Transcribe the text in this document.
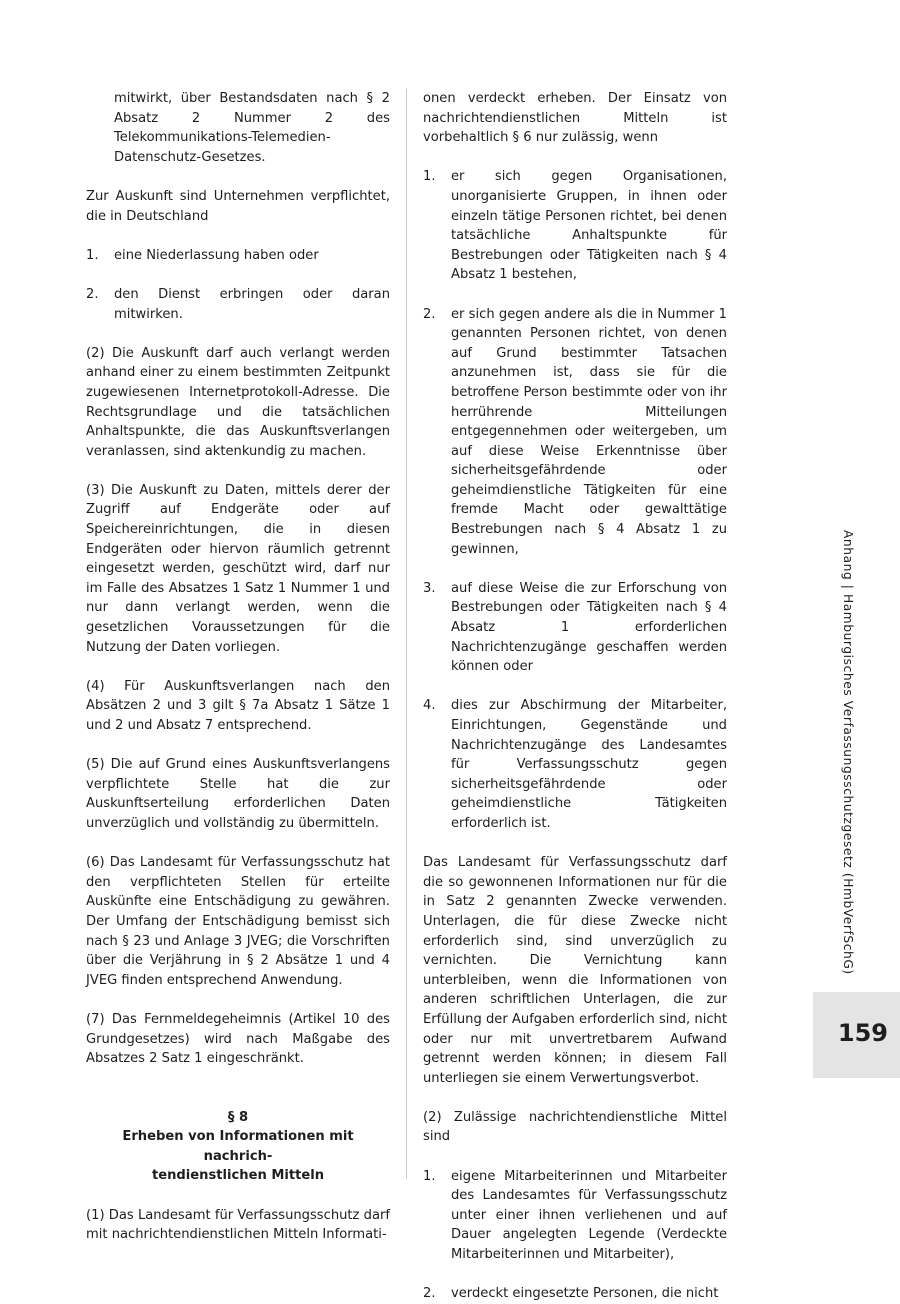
mitwirkt, über Bestandsdaten nach § 2 Absatz 2 Nummer 2 des Telekommunikations-Telemedien-Datenschutz-Gesetzes.

Zur Auskunft sind Unternehmen verpflichtet, die in Deutschland

1. eine Niederlassung haben oder
2. den Dienst erbringen oder daran mitwirken.

(2) Die Auskunft darf auch verlangt werden anhand einer zu einem bestimmten Zeitpunkt zugewiesenen Internetprotokoll-Adresse. Die Rechtsgrundlage und die tatsächlichen Anhaltspunkte, die das Auskunftsverlangen veranlassen, sind aktenkundig zu machen.

(3) Die Auskunft zu Daten, mittels derer der Zugriff auf Endgeräte oder auf Speichereinrichtungen, die in diesen Endgeräten oder hiervon räumlich getrennt eingesetzt werden, geschützt wird, darf nur im Falle des Absatzes 1 Satz 1 Nummer 1 und nur dann verlangt werden, wenn die gesetzlichen Voraussetzungen für die Nutzung der Daten vorliegen.

(4) Für Auskunftsverlangen nach den Absätzen 2 und 3 gilt § 7a Absatz 1 Sätze 1 und 2 und Absatz 7 entsprechend.

(5) Die auf Grund eines Auskunftsverlangens verpflichtete Stelle hat die zur Auskunftserteilung erforderlichen Daten unverzüglich und vollständig zu übermitteln.

(6) Das Landesamt für Verfassungsschutz hat den verpflichteten Stellen für erteilte Auskünfte eine Entschädigung zu gewähren. Der Umfang der Entschädigung bemisst sich nach § 23 und Anlage 3 JVEG; die Vorschriften über die Verjährung in § 2 Absätze 1 und 4 JVEG finden entsprechend Anwendung.

(7) Das Fernmeldegeheimnis (Artikel 10 des Grundgesetzes) wird nach Maßgabe des Absatzes 2 Satz 1 eingeschränkt.

§ 8
Erheben von Informationen mit nachrich-
tendienstlichen Mitteln

(1) Das Landesamt für Verfassungsschutz darf mit nachrichtendienstlichen Mitteln Informati-

onen verdeckt erheben. Der Einsatz von nachrichtendienstlichen Mitteln ist vorbehaltlich § 6 nur zulässig, wenn

1. er sich gegen Organisationen, unorganisierte Gruppen, in ihnen oder einzeln tätige Personen richtet, bei denen tatsächliche Anhaltspunkte für Bestrebungen oder Tätigkeiten nach § 4 Absatz 1 bestehen,
2. er sich gegen andere als die in Nummer 1 genannten Personen richtet, von denen auf Grund bestimmter Tatsachen anzunehmen ist, dass sie für die betroffene Person bestimmte oder von ihr herrührende Mitteilungen entgegennehmen oder weitergeben, um auf diese Weise Erkenntnisse über sicherheitsgefährdende oder geheimdienstliche Tätigkeiten für eine fremde Macht oder gewalttätige Bestrebungen nach § 4 Absatz 1 zu gewinnen,
3. auf diese Weise die zur Erforschung von Bestrebungen oder Tätigkeiten nach § 4 Absatz 1 erforderlichen Nachrichtenzugänge geschaffen werden können oder
4. dies zur Abschirmung der Mitarbeiter, Einrichtungen, Gegenstände und Nachrichtenzugänge des Landesamtes für Verfassungsschutz gegen sicherheitsgefährdende oder geheimdienstliche Tätigkeiten erforderlich ist.

Das Landesamt für Verfassungsschutz darf die so gewonnenen Informationen nur für die in Satz 2 genannten Zwecke verwenden. Unterlagen, die für diese Zwecke nicht erforderlich sind, sind unverzüglich zu vernichten. Die Vernichtung kann unterbleiben, wenn die Informationen von anderen schriftlichen Unterlagen, die zur Erfüllung der Aufgaben erforderlich sind, nicht oder nur mit unvertretbarem Aufwand getrennt werden können; in diesem Fall unterliegen sie einem Verwertungsverbot.

(2) Zulässige nachrichtendienstliche Mittel sind

1. eigene Mitarbeiterinnen und Mitarbeiter des Landesamtes für Verfassungsschutz unter einer ihnen verliehenen und auf Dauer angelegten Legende (Verdeckte Mitarbeiterinnen und Mitarbeiter),
2. verdeckt eingesetzte Personen, die nicht
Anhang | Hamburgisches Verfassungsschutzgesetz (HmbVerfSchG)
159
